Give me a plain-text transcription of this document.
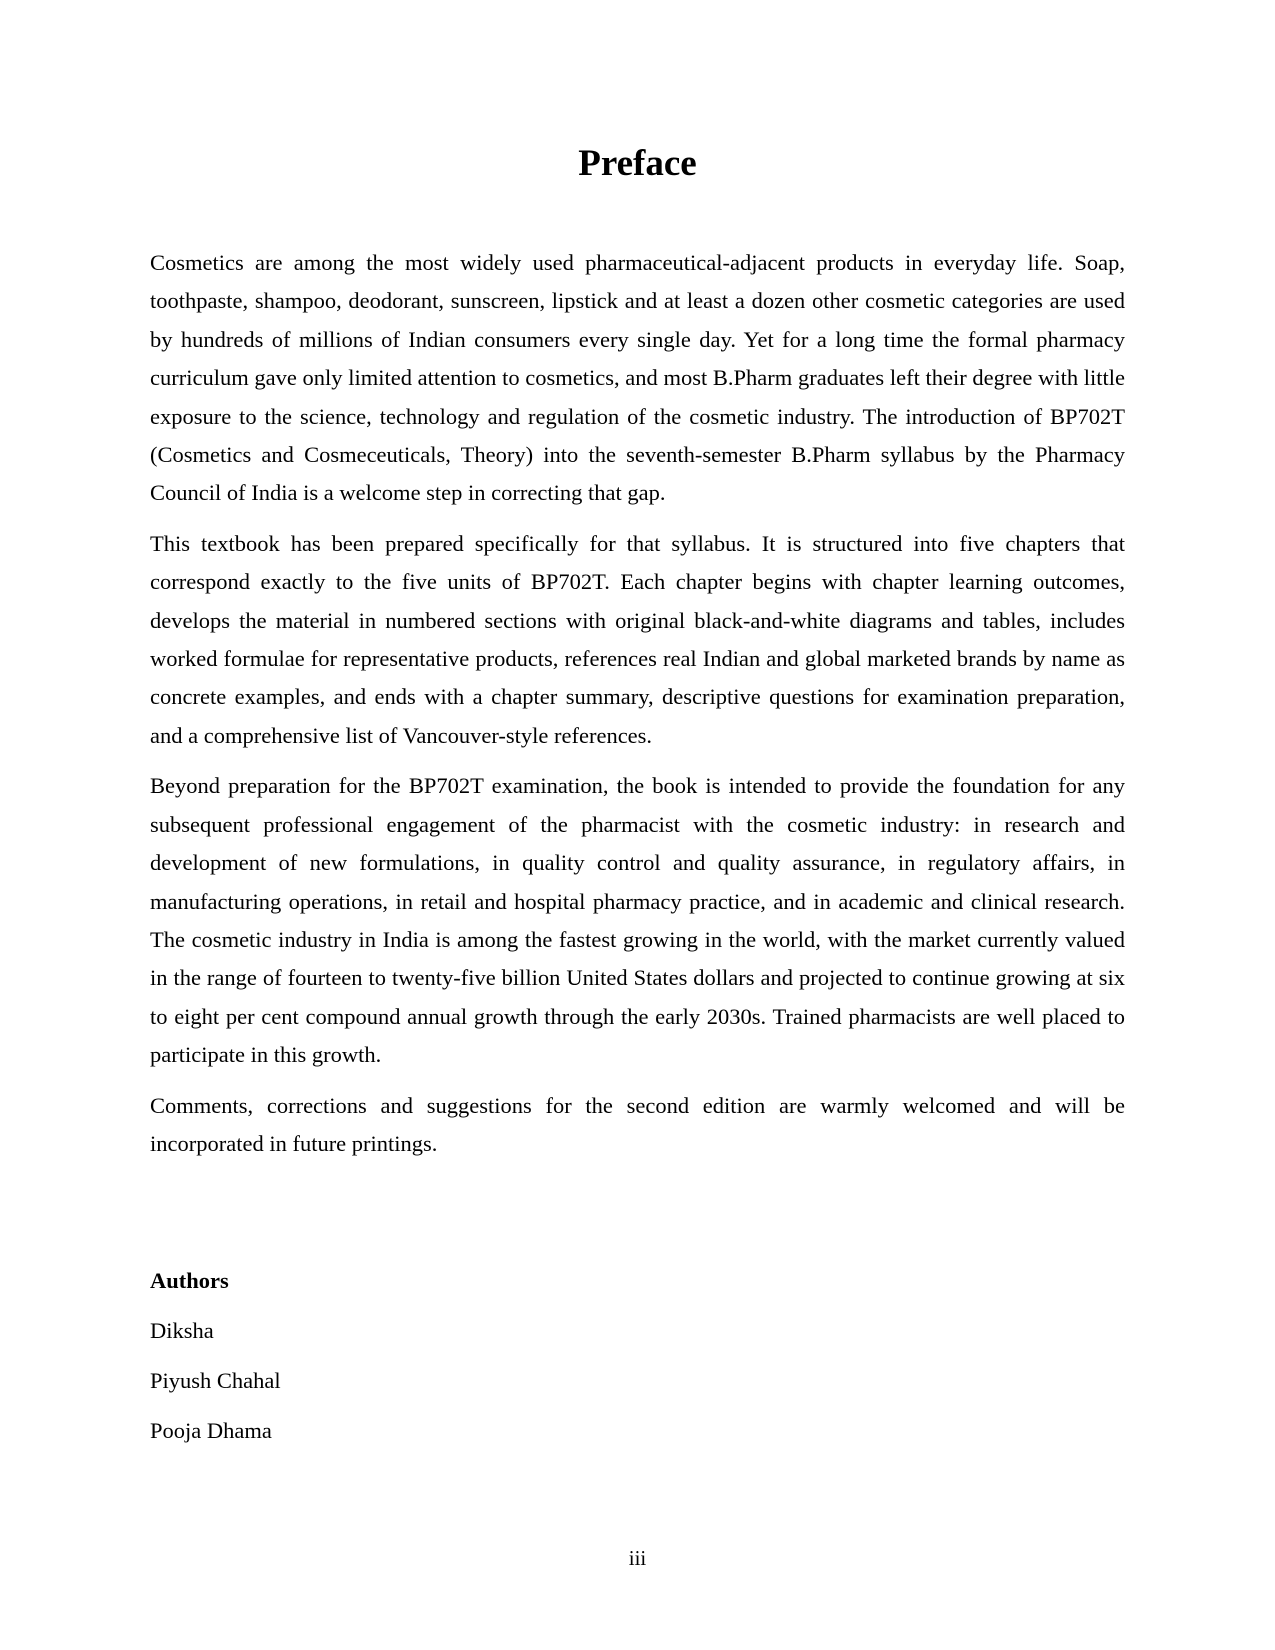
Preface

Cosmetics are among the most widely used pharmaceutical-adjacent products in everyday life. Soap, toothpaste, shampoo, deodorant, sunscreen, lipstick and at least a dozen other cosmetic categories are used by hundreds of millions of Indian consumers every single day. Yet for a long time the formal pharmacy curriculum gave only limited attention to cosmetics, and most B.Pharm graduates left their degree with little exposure to the science, technology and regulation of the cosmetic industry. The introduction of BP702T (Cosmetics and Cosmeceuticals, Theory) into the seventh-semester B.Pharm syllabus by the Pharmacy Council of India is a welcome step in correcting that gap.

This textbook has been prepared specifically for that syllabus. It is structured into five chapters that correspond exactly to the five units of BP702T. Each chapter begins with chapter learning outcomes, develops the material in numbered sections with original black-and-white diagrams and tables, includes worked formulae for representative products, references real Indian and global marketed brands by name as concrete examples, and ends with a chapter summary, descriptive questions for examination preparation, and a comprehensive list of Vancouver-style references.

Beyond preparation for the BP702T examination, the book is intended to provide the foundation for any subsequent professional engagement of the pharmacist with the cosmetic industry: in research and development of new formulations, in quality control and quality assurance, in regulatory affairs, in manufacturing operations, in retail and hospital pharmacy practice, and in academic and clinical research. The cosmetic industry in India is among the fastest growing in the world, with the market currently valued in the range of fourteen to twenty-five billion United States dollars and projected to continue growing at six to eight per cent compound annual growth through the early 2030s. Trained pharmacists are well placed to participate in this growth.

Comments, corrections and suggestions for the second edition are warmly welcomed and will be incorporated in future printings.

Authors
Diksha
Piyush Chahal
Pooja Dhama
iii
